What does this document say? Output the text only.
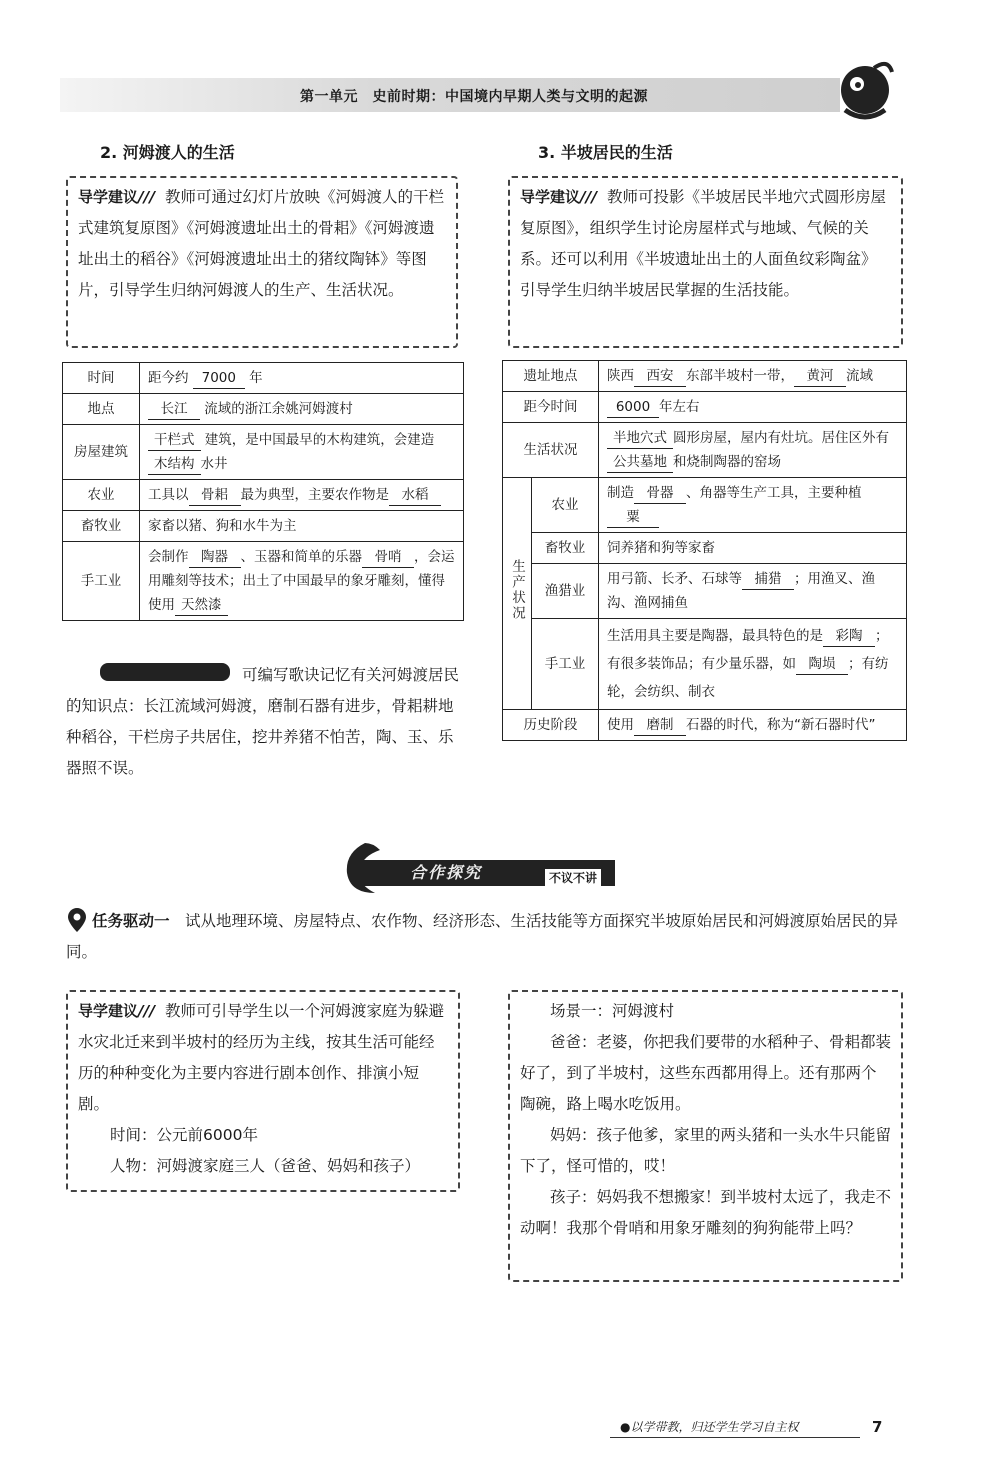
第一单元　史前时期：中国境内早期人类与文明的起源
2. 河姆渡人的生活
导学建议/// 教师可通过幻灯片放映《河姆渡人的干栏式建筑复原图》《河姆渡遗址出土的骨耜》《河姆渡遗址出土的稻谷》《河姆渡遗址出土的猪纹陶钵》等图片，引导学生归纳河姆渡人的生产、生活状况。
时间	距今约 7000 年
地点	长江 流域的浙江余姚河姆渡村
房屋建筑	干栏式 建筑，是中国最早的木构建筑，会建造木结构 水井
农业	工具以 骨耜 最为典型，主要农作物是 水稻
畜牧业	家畜以猪、狗和水牛为主
手工业	会制作 陶器 、玉器和简单的乐器 骨哨 ，会运用雕刻等技术；出土了中国最早的象牙雕刻，懂得使用 天然漆
可编写歌诀记忆有关河姆渡居民的知识点：长江流域河姆渡，磨制石器有进步，骨耜耕地种稻谷，干栏房子共居住，挖井养猪不怕苦，陶、玉、乐器照不误。
3. 半坡居民的生活
导学建议/// 教师可投影《半坡居民半地穴式圆形房屋复原图》，组织学生讨论房屋样式与地域、气候的关系。还可以利用《半坡遗址出土的人面鱼纹彩陶盆》引导学生归纳半坡居民掌握的生活技能。
遗址地点		陕西 西安 东部半坡村一带， 黄河 流域
距今时间		6000 年左右
生活状况		半地穴式 圆形房屋，屋内有灶坑。居住区外有公共墓地 和烧制陶器的窑场
生产状况	农业	制造 骨器 、角器等生产工具，主要种植粟
	畜牧业	饲养猪和狗等家畜
	渔猎业	用弓箭、长矛、石球等 捕猎 ；用渔叉、渔沟、渔网捕鱼
	手工业	生活用具主要是陶器，最具特色的是 彩陶 ；有很多装饰品；有少量乐器，如 陶埙 ；有纺轮，会纺织、制衣
历史阶段		使用 磨制 石器的时代，称为“新石器时代”
合作探究	不议不讲
任务驱动一　 试从地理环境、房屋特点、农作物、经济形态、生活技能等方面探究半坡原始居民和河姆渡原始居民的异同。
导学建议/// 教师可引导学生以一个河姆渡家庭为躲避水灾北迁来到半坡村的经历为主线，按其生活可能经历的种种变化为主要内容进行剧本创作、排演小短剧。
时间：公元前6000年
人物：河姆渡家庭三人（爸爸、妈妈和孩子）
场景一：河姆渡村
爸爸：老婆，你把我们要带的水稻种子、骨耜都装好了，到了半坡村，这些东西都用得上。还有那两个陶碗，路上喝水吃饭用。
妈妈：孩子他爹，家里的两头猪和一头水牛只能留下了，怪可惜的，哎！
孩子：妈妈我不想搬家！到半坡村太远了，我走不动啊！我那个骨哨和用象牙雕刻的狗狗能带上吗？
●以学带教，归还学生学习自主权	7
